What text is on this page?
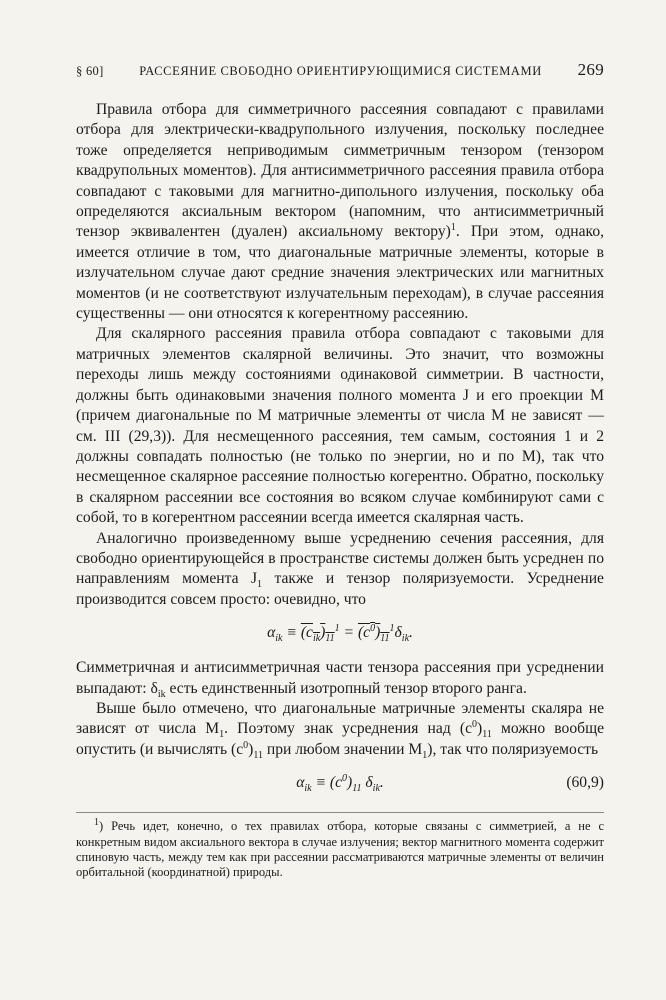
§ 60]	РАССЕЯНИЕ СВОБОДНО ОРИЕНТИРУЮЩИМИСЯ СИСТЕМАМИ	269

Правила отбора для симметричного рассеяния совпадают с правилами отбора для электрически-квадрупольного излучения, поскольку последнее тоже определяется неприводимым симметричным тензором (тензором квадрупольных моментов). Для антисимметричного рассеяния правила отбора совпадают с таковыми для магнитно-дипольного излучения, поскольку оба определяются аксиальным вектором (напомним, что антисимметричный тензор эквивалентен (дуален) аксиальному вектору)$^1$. При этом, однако, имеется отличие в том, что диагональные матричные элементы, которые в излучательном случае дают средние значения электрических или магнитных моментов (и не соответствуют излучательным переходам), в случае рассеяния существенны — они относятся к когерентному рассеянию.

Для скалярного рассеяния правила отбора совпадают с таковыми для матричных элементов скалярной величины. Это значит, что возможны переходы лишь между состояниями одинаковой симметрии. В частности, должны быть одинаковыми значения полного момента J и его проекции M (причем диагональные по M матричные элементы от числа M не зависят — см. III (29,3)). Для несмещенного рассеяния, тем самым, состояния 1 и 2 должны совпадать полностью (не только по энергии, но и по M), так что несмещенное скалярное рассеяние полностью когерентно. Обратно, поскольку в скалярном рассеянии все состояния во всяком случае комбинируют сами с собой, то в когерентном рассеянии всегда имеется скалярная часть.

Аналогично произведенному выше усреднению сечения рассеяния, для свободно ориентирующейся в пространстве системы должен быть усреднен по направлениям момента $J_1$ также и тензор поляризуемости. Усреднение производится совсем просто: очевидно, что

$\alpha_{ik} \equiv (c_{ik})_{11}^1 = (c^0)_{11}^1\delta_{ik}$.

Симметричная и антисимметричная части тензора рассеяния при усреднении выпадают: $\delta_{ik}$ есть единственный изотропный тензор второго ранга.

Выше было отмечено, что диагональные матричные элементы скаляра не зависят от числа $M_1$. Поэтому знак усреднения над $(c^0)_{11}$ можно вообще опустить (и вычислять $(c^0)_{11}$ при любом значении $M_1$), так что поляризуемость

$\alpha_{ik} \equiv (c^0)_{11}$ $\delta_{ik}$.	(60,9)

$^1$) Речь идет, конечно, о тех правилах отбора, которые связаны с симметрией, а не с конкретным видом аксиального вектора в случае излучения; вектор магнитного момента содержит спиновую часть, между тем как при рассеянии рассматриваются матричные элементы от величин орбитальной (координатной) природы.
